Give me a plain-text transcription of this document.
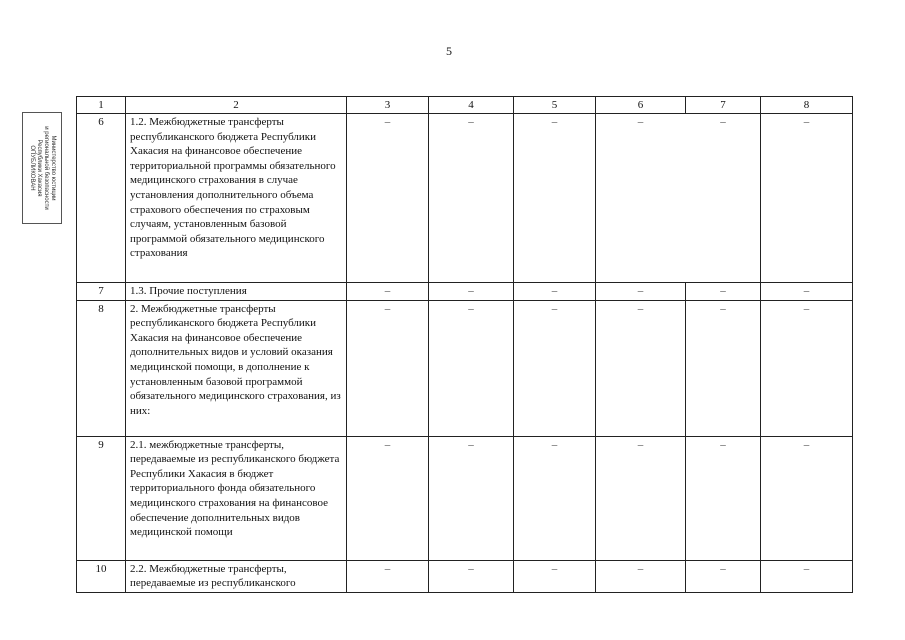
5
Министерство юстиции
и региональной безопасности
Республики Хакасия
ОПУБЛИКОВАН
1	2	3	4	5	6	7	8
6	1.2. Межбюджетные трансферты республиканского бюджета Республики Хакасия на финансовое обеспечение территориальной программы обязательного медицинского страхования в случае установления дополнительного объема страхового обеспечения по страховым случаям, установленным базовой программой обязательного медицинского страхования	–	–	–	–	–	–
7	1.3. Прочие поступления	–	–	–	–	–	–
8	2. Межбюджетные трансферты республиканского бюджета Республики Хакасия на финансовое обеспечение дополнительных видов и условий оказания медицинской помощи, в дополнение к установленным базовой программой обязательного медицинского страхования, из них:	–	–	–	–	–	–
9	2.1. межбюджетные трансферты, передаваемые из республиканского бюджета Республики Хакасия в бюджет территориального фонда обязательного медицинского страхования на финансовое обеспечение дополнительных видов медицинской помощи	–	–	–	–	–	–
10	2.2. Межбюджетные трансферты, передаваемые из республиканского	–	–	–	–	–	–
